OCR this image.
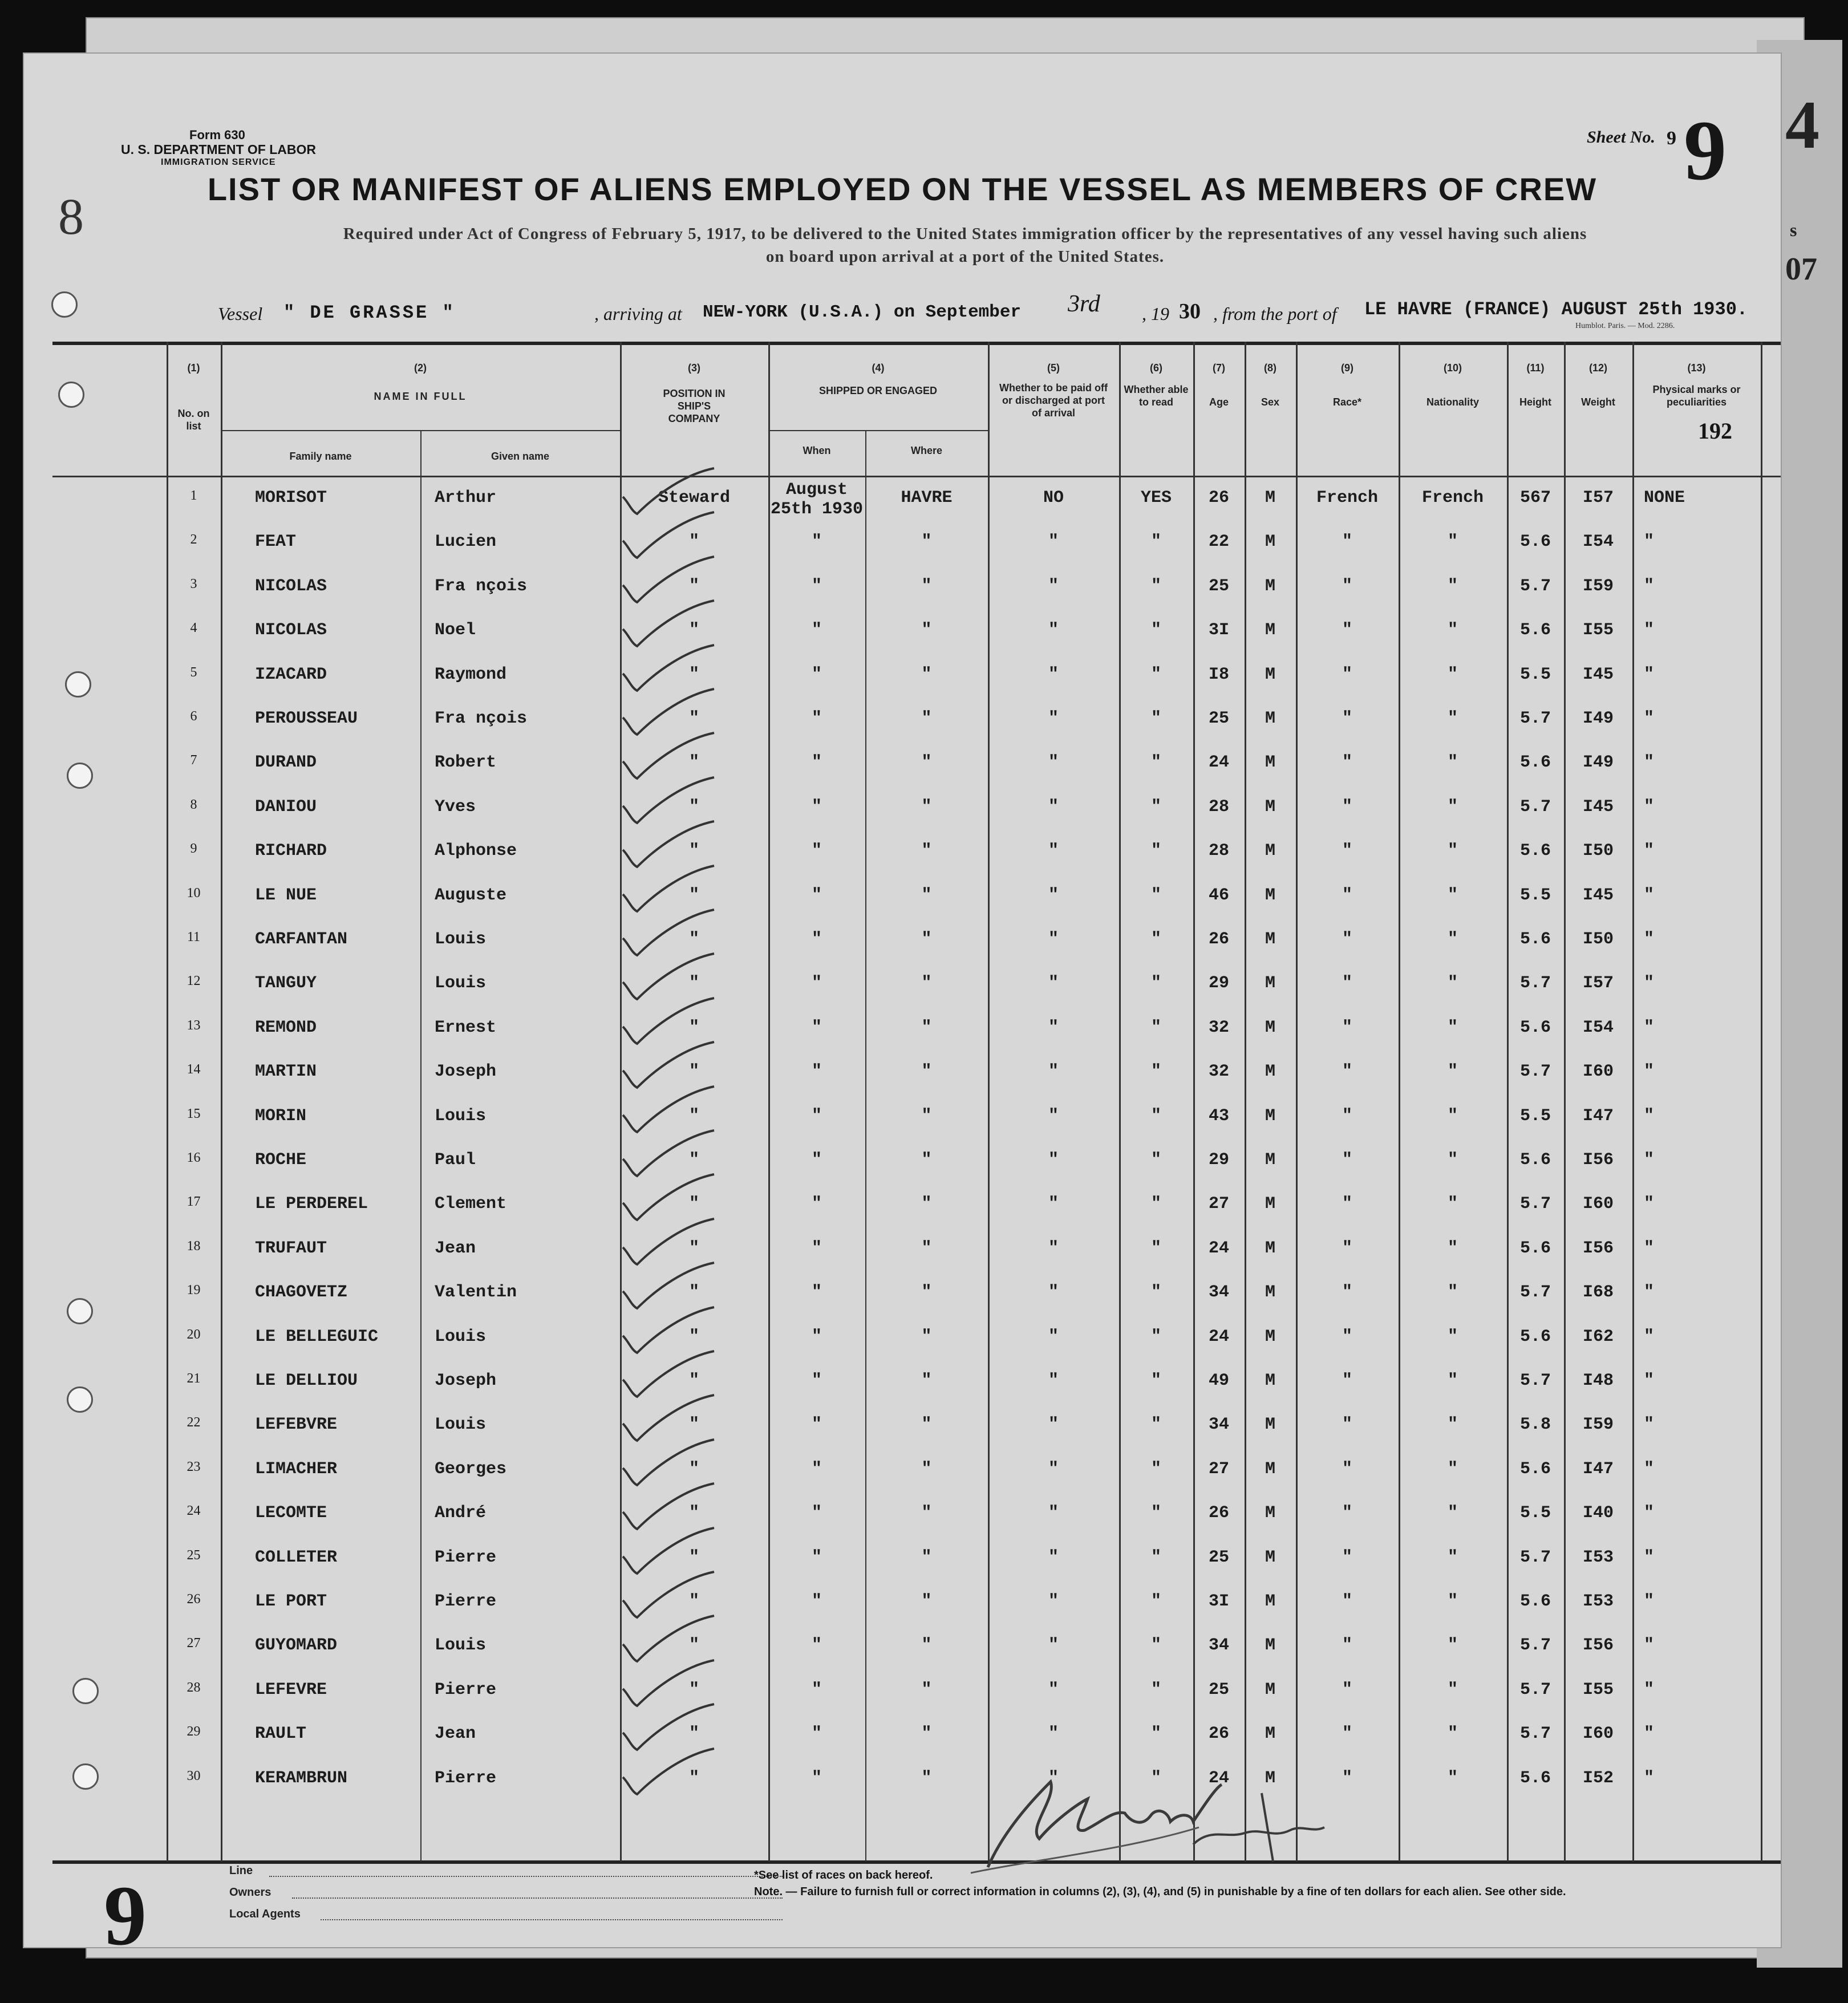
4
s
07
8
Form 630
U. S. DEPARTMENT OF LABOR
IMMIGRATION SERVICE
Sheet No. 9 9
LIST OR MANIFEST OF ALIENS EMPLOYED ON THE VESSEL AS MEMBERS OF CREW
Required under Act of Congress of February 5, 1917, to be delivered to the United States immigration officer by the representatives of any vessel having such aliens
on board upon arrival at a port of the United States.
Vessel " DE GRASSE "	, arriving at NEW-YORK (U.S.A.) on September 3rd , 19 30 , from the port of LE HAVRE (FRANCE) AUGUST 25th 1930.
Humblot. Paris. — Mod. 2286.
(1)
No. on list
(2)
NAME IN FULL
Family name	Given name
(3)
POSITION IN SHIP'S COMPANY
(4)
SHIPPED OR ENGAGED
When	Where
(5)
Whether to be paid off or discharged at port of arrival
(6)
Whether able to read
(7)
Age
(8)
Sex
(9)
Race*
(10)
Nationality
(11)
Height
(12)
Weight
(13)
Physical marks or peculiarities
192
1	MORISOT	Arthur	Steward	August	HAVRE	NO	YES	26	M	French	French	567	I57	NONE
25th 1930
2	FEAT	Lucien	"	"	"	"	"	22	M	"	"	5.6	I54	"
3	NICOLAS	Fra nçois	"	"	"	"	"	25	M	"	"	5.7	I59	"
4	NICOLAS	Noel	"	"	"	"	"	3I	M	"	"	5.6	I55	"
5	IZACARD	Raymond	"	"	"	"	"	I8	M	"	"	5.5	I45	"
6	PEROUSSEAU	Fra nçois	"	"	"	"	"	25	M	"	"	5.7	I49	"
7	DURAND	Robert	"	"	"	"	"	24	M	"	"	5.6	I49	"
8	DANIOU	Yves	"	"	"	"	"	28	M	"	"	5.7	I45	"
9	RICHARD	Alphonse	"	"	"	"	"	28	M	"	"	5.6	I50	"
10	LE NUE	Auguste	"	"	"	"	"	46	M	"	"	5.5	I45	"
11	CARFANTAN	Louis	"	"	"	"	"	26	M	"	"	5.6	I50	"
12	TANGUY	Louis	"	"	"	"	"	29	M	"	"	5.7	I57	"
13	REMOND	Ernest	"	"	"	"	"	32	M	"	"	5.6	I54	"
14	MARTIN	Joseph	"	"	"	"	"	32	M	"	"	5.7	I60	"
15	MORIN	Louis	"	"	"	"	"	43	M	"	"	5.5	I47	"
16	ROCHE	Paul	"	"	"	"	"	29	M	"	"	5.6	I56	"
17	LE PERDEREL	Clement	"	"	"	"	"	27	M	"	"	5.7	I60	"
18	TRUFAUT	Jean	"	"	"	"	"	24	M	"	"	5.6	I56	"
19	CHAGOVETZ	Valentin	"	"	"	"	"	34	M	"	"	5.7	I68	"
20	LE BELLEGUIC	Louis	"	"	"	"	"	24	M	"	"	5.6	I62	"
21	LE DELLIOU	Joseph	"	"	"	"	"	49	M	"	"	5.7	I48	"
22	LEFEBVRE	Louis	"	"	"	"	"	34	M	"	"	5.8	I59	"
23	LIMACHER	Georges	"	"	"	"	"	27	M	"	"	5.6	I47	"
24	LECOMTE	André	"	"	"	"	"	26	M	"	"	5.5	I40	"
25	COLLETER	Pierre	"	"	"	"	"	25	M	"	"	5.7	I53	"
26	LE PORT	Pierre	"	"	"	"	"	3I	M	"	"	5.6	I53	"
27	GUYOMARD	Louis	"	"	"	"	"	34	M	"	"	5.7	I56	"
28	LEFEVRE	Pierre	"	"	"	"	"	25	M	"	"	5.7	I55	"
29	RAULT	Jean	"	"	"	"	"	26	M	"	"	5.7	I60	"
30	KERAMBRUN	Pierre	"	"	"	"	"	24	M	"	"	5.6	I52	"
9	Line
Owners
Local Agents
*See list of races on back hereof.
Note. — Failure to furnish full or correct information in columns (2), (3), (4), and (5) in punishable by a fine of ten dollars for each alien. See other side.
